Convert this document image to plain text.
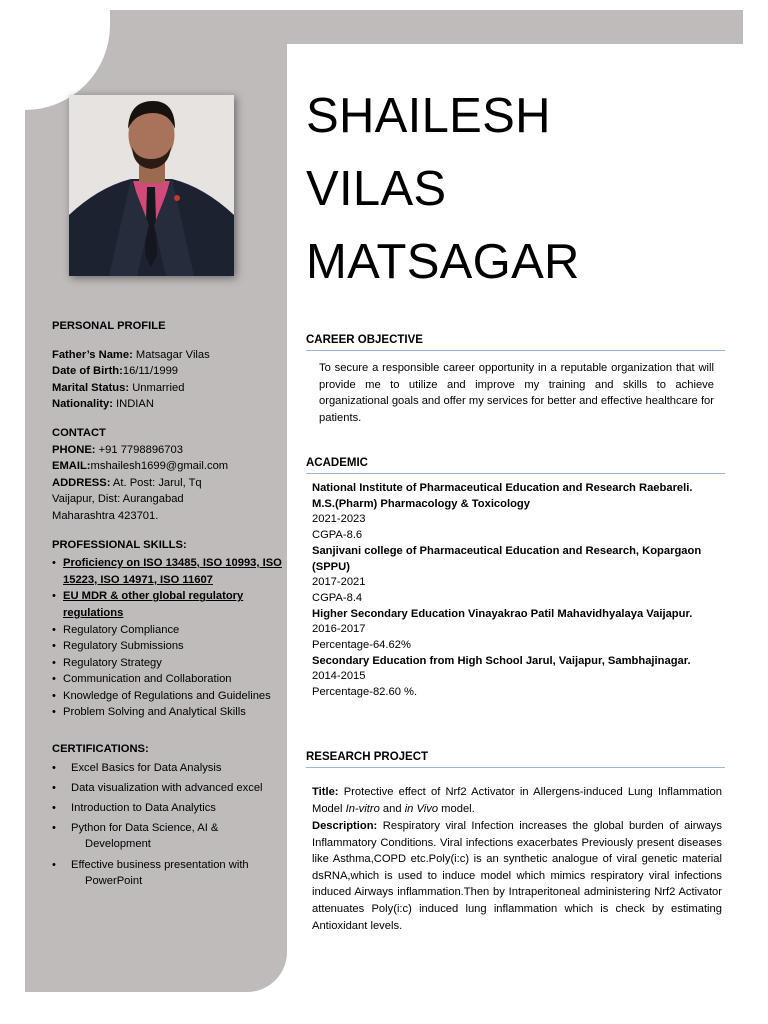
SHAILESH
VILAS
MATSAGAR
PERSONAL PROFILE
Father’s Name: Matsagar Vilas
Date of Birth:16/11/1999
Marital Status: Unmarried
Nationality: INDIAN
CONTACT
PHONE: +91 7798896703
EMAIL:mshailesh1699@gmail.com
ADDRESS: At. Post: Jarul, Tq
Vaijapur, Dist: Aurangabad
Maharashtra 423701.
PROFESSIONAL SKILLS:
• Proficiency on ISO 13485, ISO 10993, ISO 15223, ISO 14971, ISO 11607
• EU MDR & other global regulatory regulations
• Regulatory Compliance
• Regulatory Submissions
• Regulatory Strategy
• Communication and Collaboration
• Knowledge of Regulations and Guidelines
• Problem Solving and Analytical Skills
CERTIFICATIONS:
• Excel Basics for Data Analysis
• Data visualization with advanced excel
• Introduction to Data Analytics
• Python for Data Science, AI &
Development
• Effective business presentation with
PowerPoint
CAREER OBJECTIVE
To secure a responsible career opportunity in a reputable organization that will provide me to utilize and improve my training and skills to achieve organizational goals and offer my services for better and effective healthcare for patients.
ACADEMIC
National Institute of Pharmaceutical Education and Research Raebareli.
M.S.(Pharm) Pharmacology & Toxicology
2021-2023
CGPA-8.6
Sanjivani college of Pharmaceutical Education and Research, Kopargaon
(SPPU)
2017-2021
CGPA-8.4
Higher Secondary Education Vinayakrao Patil Mahavidhyalaya Vaijapur.
2016-2017
Percentage-64.62%
Secondary Education from High School Jarul, Vaijapur, Sambhajinagar.
2014-2015
Percentage-82.60 %.
RESEARCH PROJECT
Title: Protective effect of Nrf2 Activator in Allergens-induced Lung Inflammation Model In-vitro and in Vivo model.
Description: Respiratory viral Infection increases the global burden of airways Inflammatory Conditions. Viral infections exacerbates Previously present diseases like Asthma,COPD etc.Poly(i:c) is an synthetic analogue of viral genetic material dsRNA,which is used to induce model which mimics respiratory viral infections induced Airways inflammation.Then by Intraperitoneal administering Nrf2 Activator attenuates Poly(i:c) induced lung inflammation which is check by estimating Antioxidant levels.
